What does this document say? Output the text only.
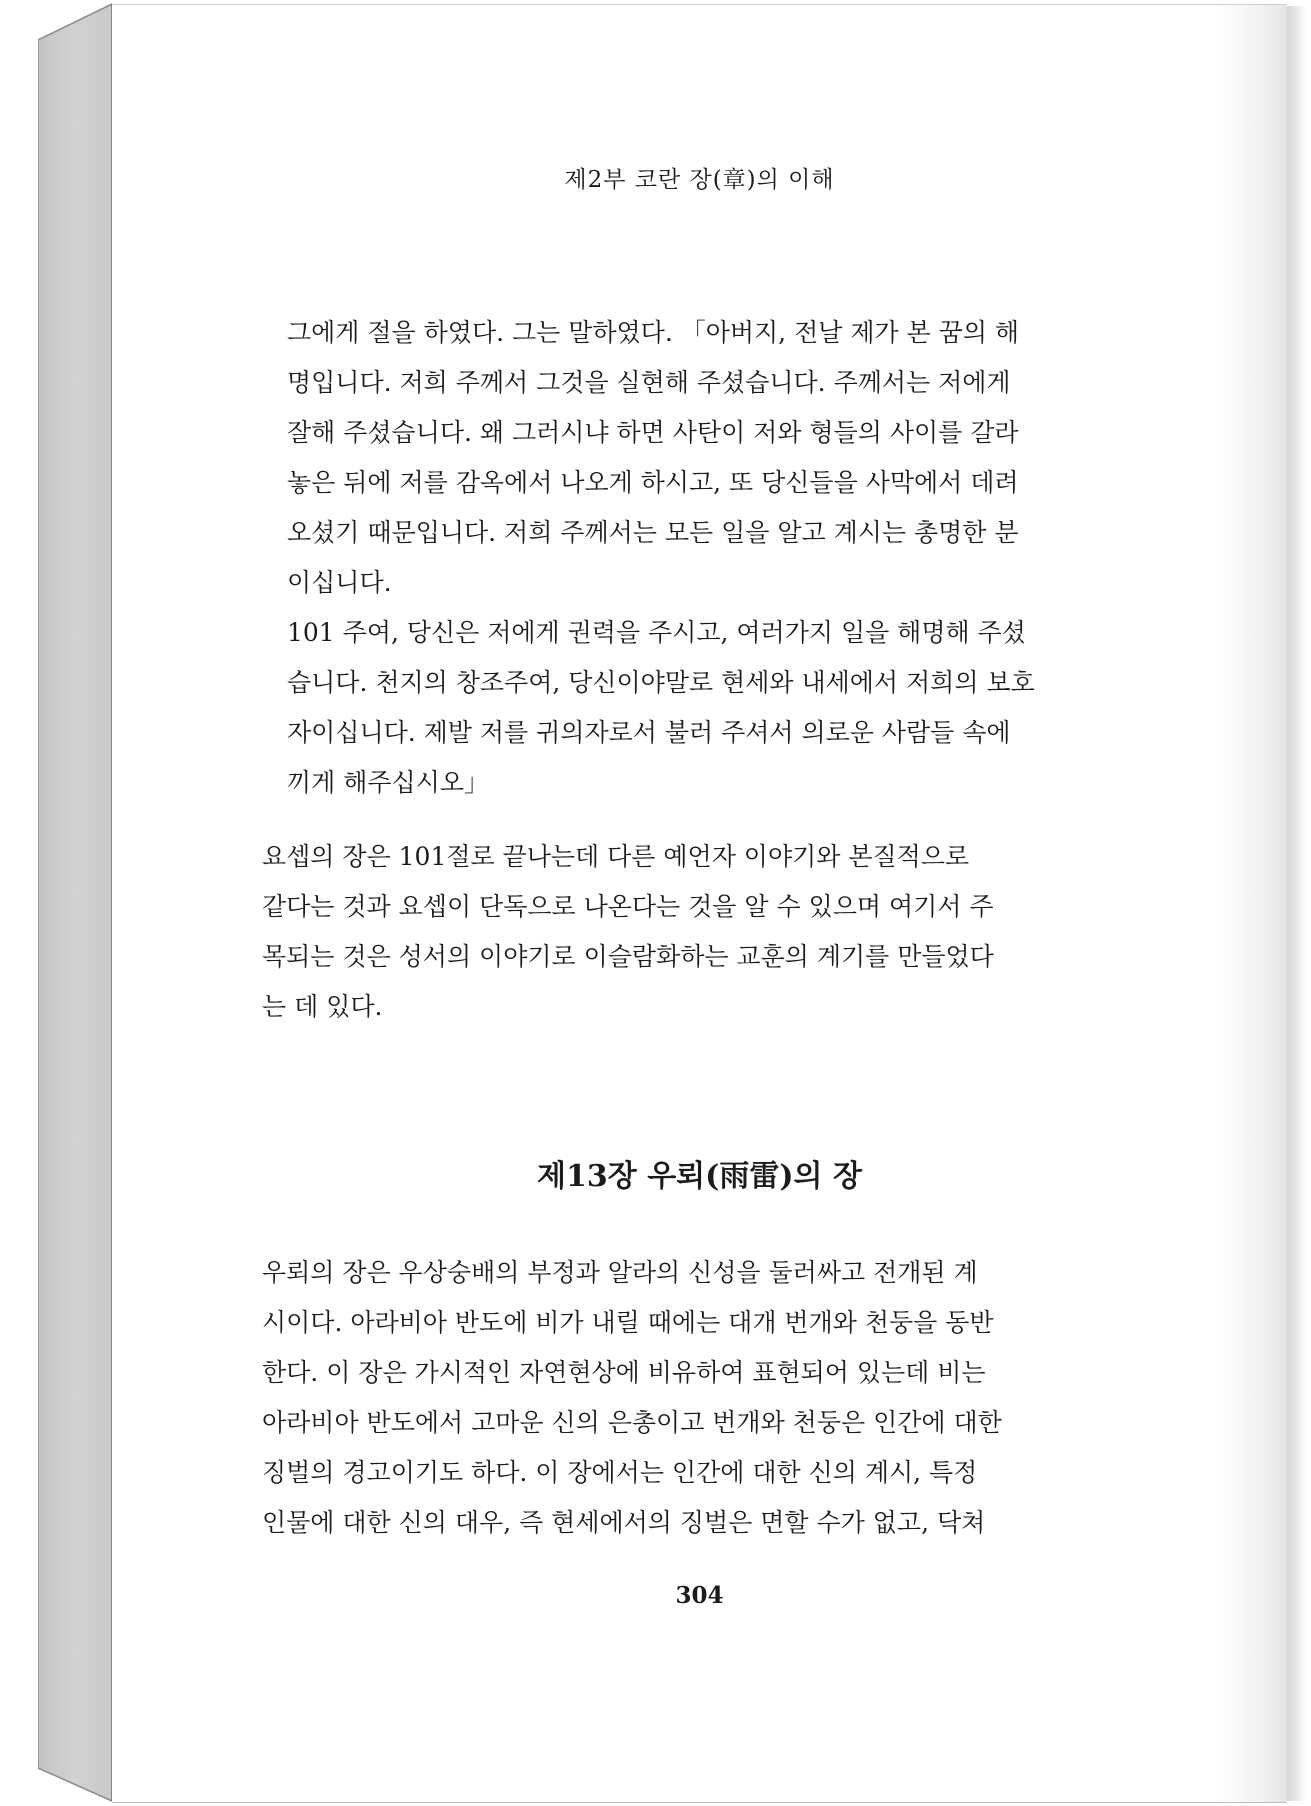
제2부 코란 장(章)의 이해
그에게 절을 하였다. 그는 말하였다. 「아버지, 전날 제가 본 꿈의 해
명입니다. 저희 주께서 그것을 실현해 주셨습니다. 주께서는 저에게
잘해 주셨습니다. 왜 그러시냐 하면 사탄이 저와 형들의 사이를 갈라
놓은 뒤에 저를 감옥에서 나오게 하시고, 또 당신들을 사막에서 데려
오셨기 때문입니다. 저희 주께서는 모든 일을 알고 계시는 총명한 분
이십니다.
101 주여, 당신은 저에게 권력을 주시고, 여러가지 일을 해명해 주셨
습니다. 천지의 창조주여, 당신이야말로 현세와 내세에서 저희의 보호
자이십니다. 제발 저를 귀의자로서 불러 주셔서 의로운 사람들 속에
끼게 해주십시오」
요셉의 장은 101절로 끝나는데 다른 예언자 이야기와 본질적으로
같다는 것과 요셉이 단독으로 나온다는 것을 알 수 있으며 여기서 주
목되는 것은 성서의 이야기로 이슬람화하는 교훈의 계기를 만들었다
는 데 있다.
제13장 우뢰(雨雷)의 장
우뢰의 장은 우상숭배의 부정과 알라의 신성을 둘러싸고 전개된 계
시이다. 아라비아 반도에 비가 내릴 때에는 대개 번개와 천둥을 동반
한다. 이 장은 가시적인 자연현상에 비유하여 표현되어 있는데 비는
아라비아 반도에서 고마운 신의 은총이고 번개와 천둥은 인간에 대한
징벌의 경고이기도 하다. 이 장에서는 인간에 대한 신의 계시, 특정
인물에 대한 신의 대우, 즉 현세에서의 징벌은 면할 수가 없고, 닥쳐
304
